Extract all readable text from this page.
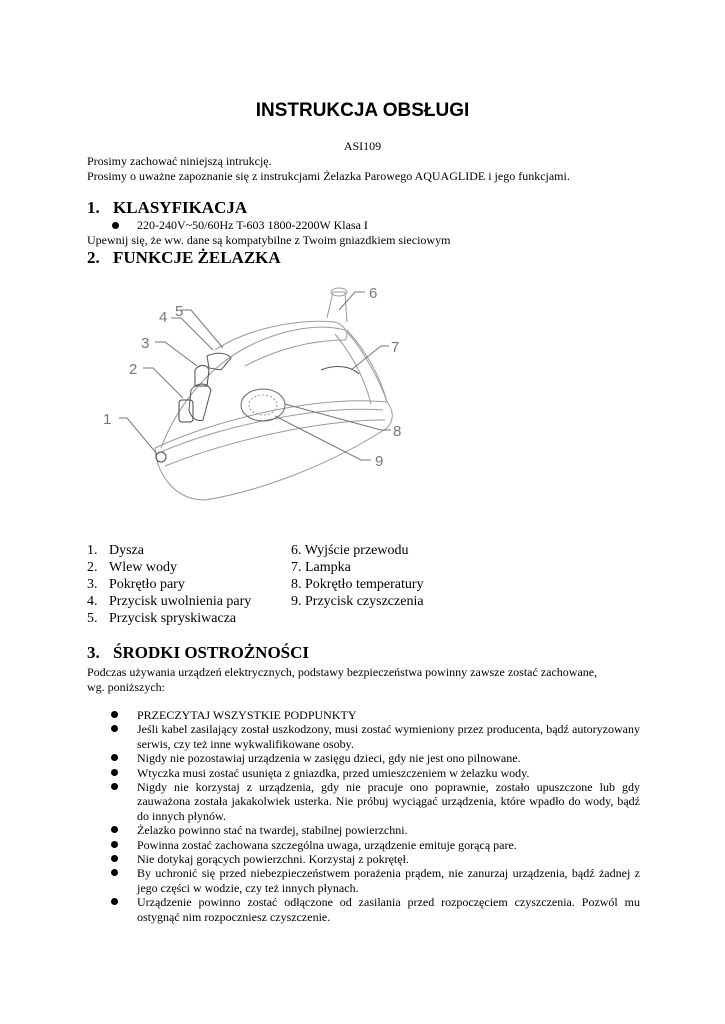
INSTRUKCJA OBSŁUGI
ASI109
Prosimy zachować niniejszą intrukcję.
Prosimy o uważne zapoznanie się z instrukcjami Żelazka Parowego AQUAGLIDE i jego funkcjami.
1. KLASYFIKACJA
220-240V~50/60Hz T-603 1800-2200W Klasa I
Upewnij się, że ww. dane są kompatybilne z Twoim gniazdkiem sieciowym
2. FUNKCJE ŻELAZKA
1
2
3
4 5
6
7
8
9
1. Dysza
2. Wlew wody
3. Pokrętło pary
4. Przycisk uwolnienia pary
5. Przycisk spryskiwacza
6. Wyjście przewodu
7. Lampka
8. Pokrętło temperatury
9. Przycisk czyszczenia
3. ŚRODKI OSTROŻNOŚCI
Podczas używania urządzeń elektrycznych, podstawy bezpieczeństwa powinny zawsze zostać zachowane,
wg. poniższych:
PRZECZYTAJ WSZYSTKIE PODPUNKTY
Jeśli kabel zasilający został uszkodzony, musi zostać wymieniony przez producenta, bądź autoryzowany serwis, czy też inne wykwalifikowane osoby.
Nigdy nie pozostawiaj urządzenia w zasięgu dzieci, gdy nie jest ono pilnowane.
Wtyczka musi zostać usunięta z gniazdka, przed umieszczeniem w żelazku wody.
Nigdy nie korzystaj z urządzenia, gdy nie pracuje ono poprawnie, zostało upuszczone lub gdy zauważona została jakakolwiek usterka. Nie próbuj wyciągać urządzenia, które wpadło do wody, bądź do innych płynów.
Żelazko powinno stać na twardej, stabilnej powierzchni.
Powinna zostać zachowana szczególna uwaga, urządzenie emituje gorącą pare.
Nie dotykaj gorących powierzchni. Korzystaj z pokrętęł.
By uchronić się przed niebezpieczeństwem porażenia prądem, nie zanurzaj urządzenia, bądź żadnej z jego części w wodzie, czy też innych płynach.
Urządzenie powinno zostać odłączone od zasilania przed rozpoczęciem czyszczenia. Pozwól mu ostygnąć nim rozpoczniesz czyszczenie.
